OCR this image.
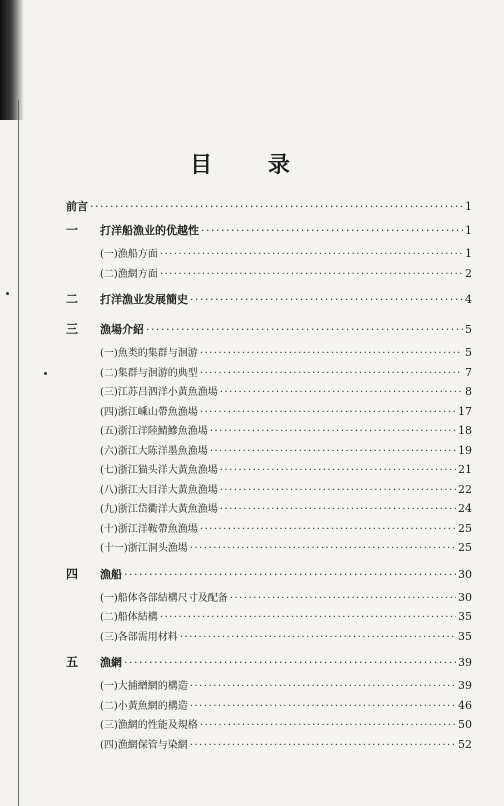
目 录
前言 ·····	1
一	打洋船漁业的优越性 ·····	1
(一)漁船方面 ·····	1
(二)漁網方面 ·····	2
二	打洋漁业发展簡史 ·····	4
三	漁場介紹 ·····	5
(一)魚类的集群与洄游 ·····	5
(二)集群与洄游的典型 ·····	7
(三)江苏吕泗洋小黃魚漁場 ·····	8
(四)浙江嵊山帶魚漁場 ·····	17
(五)浙江洋陸鯖鰺魚漁場 ·····	18
(六)浙江大陈洋墨魚漁場 ·····	19
(七)浙江猫头洋大黃魚漁場 ·····	21
(八)浙江大目洋大黃魚漁場 ·····	22
(九)浙江岱衢洋大黃魚漁場 ·····	24
(十)浙江洋鞍帶魚漁場 ·····	25
(十一)浙江洞头漁場 ·····	25
四	漁船 ·····	30
(一)船体各部結構尺寸及配备 ·····	30
(二)船体結構 ·····	35
(三)各部需用材料 ·····	35
五	漁網 ·····	39
(一)大捕繒網的構造 ·····	39
(二)小黃魚網的構造 ·····	46
(三)漁網的性能及規格 ·····	50
(四)漁網保管与染網 ·····	52
